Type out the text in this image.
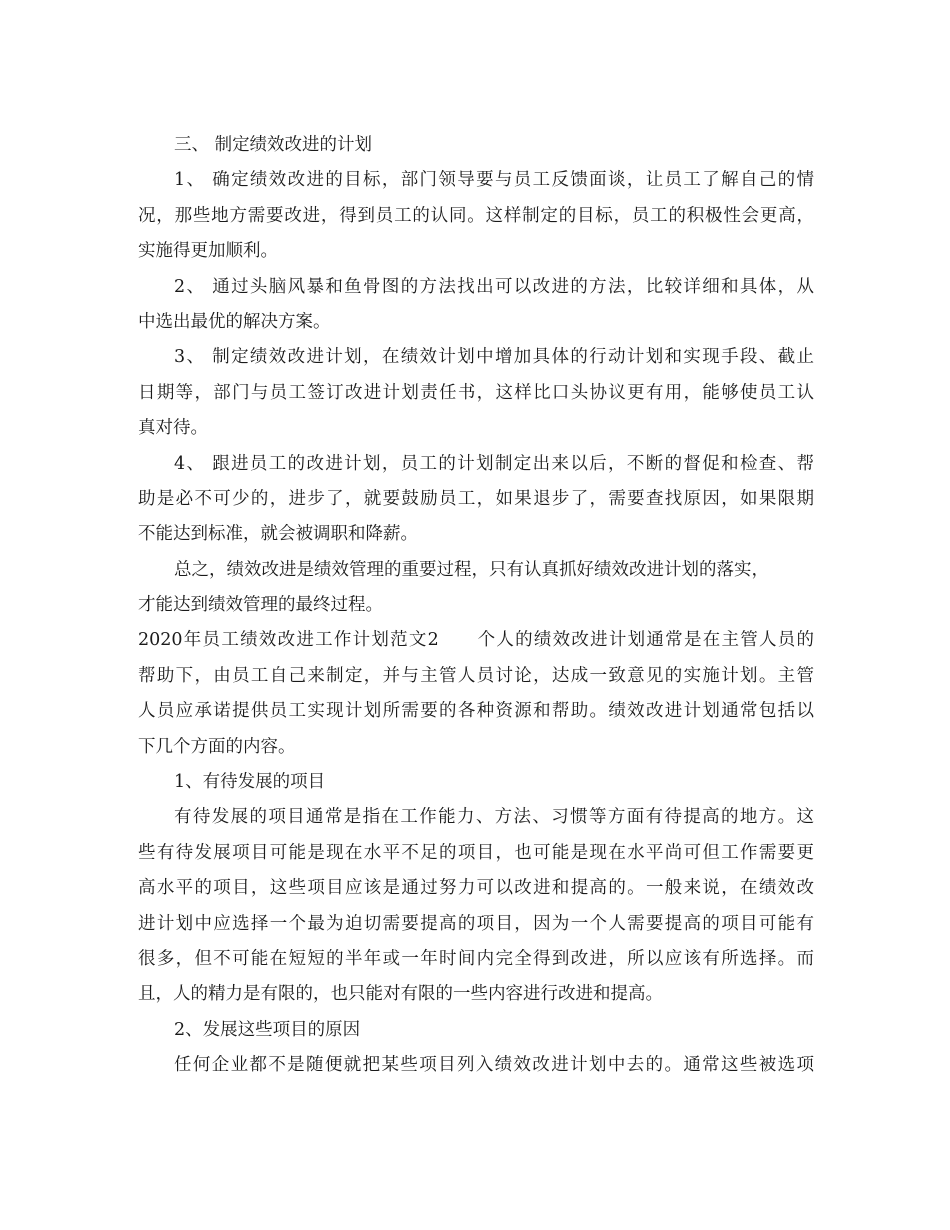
三、 制定绩效改进的计划
1、 确定绩效改进的目标，部门领导要与员工反馈面谈，让员工了解自己的情
况，那些地方需要改进，得到员工的认同。这样制定的目标，员工的积极性会更高，
实施得更加顺利。
2、 通过头脑风暴和鱼骨图的方法找出可以改进的方法，比较详细和具体，从
中选出最优的解决方案。
3、 制定绩效改进计划，在绩效计划中增加具体的行动计划和实现手段、截止
日期等，部门与员工签订改进计划责任书，这样比口头协议更有用，能够使员工认
真对待。
4、 跟进员工的改进计划，员工的计划制定出来以后，不断的督促和检查、帮
助是必不可少的，进步了，就要鼓励员工，如果退步了，需要查找原因，如果限期
不能达到标准，就会被调职和降薪。
总之，绩效改进是绩效管理的重要过程，只有认真抓好绩效改进计划的落实，
才能达到绩效管理的最终过程。
2020年员工绩效改进工作计划范文2　　个人的绩效改进计划通常是在主管人员的
帮助下，由员工自己来制定，并与主管人员讨论，达成一致意见的实施计划。主管
人员应承诺提供员工实现计划所需要的各种资源和帮助。绩效改进计划通常包括以
下几个方面的内容。
1、有待发展的项目
有待发展的项目通常是指在工作能力、方法、习惯等方面有待提高的地方。这
些有待发展项目可能是现在水平不足的项目，也可能是现在水平尚可但工作需要更
高水平的项目，这些项目应该是通过努力可以改进和提高的。一般来说，在绩效改
进计划中应选择一个最为迫切需要提高的项目，因为一个人需要提高的项目可能有
很多，但不可能在短短的半年或一年时间内完全得到改进，所以应该有所选择。而
且，人的精力是有限的，也只能对有限的一些内容进行改进和提高。
2、发展这些项目的原因
任何企业都不是随便就把某些项目列入绩效改进计划中去的。通常这些被选项
